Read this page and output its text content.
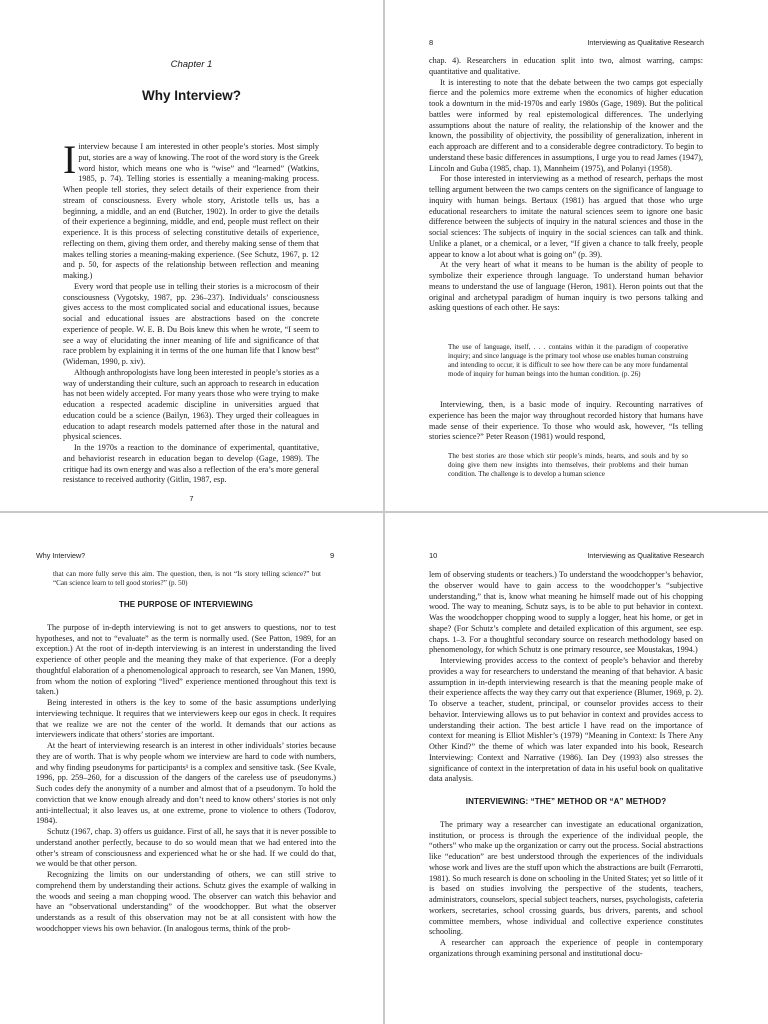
Chapter 1
Why Interview?

Iinterview because I am interested in other people’s stories. Most simply put, stories are a way of knowing. The root of the word story is the Greek word histor, which means one who is “wise” and “learned” (Watkins, 1985, p. 74). Telling stories is essentially a meaning-making process. When people tell stories, they select details of their experience from their stream of consciousness. Every whole story, Aristotle tells us, has a beginning, a middle, and an end (Butcher, 1902). In order to give the details of their experience a beginning, middle, and end, people must reflect on their experience. It is this process of selecting constitutive details of experience, reflecting on them, giving them order, and thereby making sense of them that makes telling stories a meaning-making experience. (See Schutz, 1967, p. 12 and p. 50, for aspects of the relationship between reflection and meaning making.)

Every word that people use in telling their stories is a microcosm of their consciousness (Vygotsky, 1987, pp. 236–237). Individuals’ consciousness gives access to the most complicated social and educational issues, because social and educational issues are abstractions based on the concrete experience of people. W. E. B. Du Bois knew this when he wrote, “I seem to see a way of elucidating the inner meaning of life and significance of that race problem by explaining it in terms of the one human life that I know best” (Wideman, 1990, p. xiv).

Although anthropologists have long been interested in people’s stories as a way of understanding their culture, such an approach to research in education has not been widely accepted. For many years those who were trying to make education a respected academic discipline in universities argued that education could be a science (Bailyn, 1963). They urged their colleagues in education to adapt research models patterned after those in the natural and physical sciences.

In the 1970s a reaction to the dominance of experimental, quantitative, and behaviorist research in education began to develop (Gage, 1989). The critique had its own energy and was also a reflection of the era’s more general resistance to received authority (Gitlin, 1987, esp.

7
8	Interviewing as Qualitative Research

chap. 4). Researchers in education split into two, almost warring, camps: quantitative and qualitative.

It is interesting to note that the debate between the two camps got especially fierce and the polemics more extreme when the economics of higher education took a downturn in the mid-1970s and early 1980s (Gage, 1989). But the political battles were informed by real epistemological differences. The underlying assumptions about the nature of reality, the relationship of the knower and the known, the possibility of objectivity, the possibility of generalization, inherent in each approach are different and to a considerable degree contradictory. To begin to understand these basic differences in assumptions, I urge you to read James (1947), Lincoln and Guba (1985, chap. 1), Mannheim (1975), and Polanyi (1958).

For those interested in interviewing as a method of research, perhaps the most telling argument between the two camps centers on the significance of language to inquiry with human beings. Bertaux (1981) has argued that those who urge educational researchers to imitate the natural sciences seem to ignore one basic difference between the subjects of inquiry in the natural sciences and those in the social sciences: The subjects of inquiry in the social sciences can talk and think. Unlike a planet, or a chemical, or a lever, “If given a chance to talk freely, people appear to know a lot about what is going on” (p. 39).

At the very heart of what it means to be human is the ability of people to symbolize their experience through language. To understand human behavior means to understand the use of language (Heron, 1981). Heron points out that the original and archetypal paradigm of human inquiry is two persons talking and asking questions of each other. He says:

The use of language, itself, . . . contains within it the paradigm of cooperative inquiry; and since language is the primary tool whose use enables human construing and intending to occur, it is difficult to see how there can be any more fundamental mode of inquiry for human beings into the human condition. (p. 26)

Interviewing, then, is a basic mode of inquiry. Recounting narratives of experience has been the major way throughout recorded history that humans have made sense of their experience. To those who would ask, however, “Is telling stories science?” Peter Reason (1981) would respond,

The best stories are those which stir people’s minds, hearts, and souls and by so doing give them new insights into themselves, their problems and their human condition. The challenge is to develop a human science
Why Interview?	9
that can more fully serve this aim. The question, then, is not “Is story telling science?” but “Can science learn to tell good stories?” (p. 50)
THE PURPOSE OF INTERVIEWING

The purpose of in-depth interviewing is not to get answers to questions, nor to test hypotheses, and not to “evaluate” as the term is normally used. (See Patton, 1989, for an exception.) At the root of in-depth interviewing is an interest in understanding the lived experience of other people and the meaning they make of that experience. (For a deeply thoughtful elaboration of a phenomenological approach to research, see Van Manen, 1990, from whom the notion of exploring “lived” experience mentioned throughout this text is taken.)

Being interested in others is the key to some of the basic assumptions underlying interviewing technique. It requires that we interviewers keep our egos in check. It requires that we realize we are not the center of the world. It demands that our actions as interviewers indicate that others’ stories are important.

At the heart of interviewing research is an interest in other individuals’ stories because they are of worth. That is why people whom we interview are hard to code with numbers, and why finding pseudonyms for participants¹ is a complex and sensitive task. (See Kvale, 1996, pp. 259–260, for a discussion of the dangers of the careless use of pseudonyms.) Such codes defy the anonymity of a number and almost that of a pseudonym. To hold the conviction that we know enough already and don’t need to know others’ stories is not only anti-intellectual; it also leaves us, at one extreme, prone to violence to others (Todorov, 1984).

Schutz (1967, chap. 3) offers us guidance. First of all, he says that it is never possible to understand another perfectly, because to do so would mean that we had entered into the other’s stream of consciousness and experienced what he or she had. If we could do that, we would be that other person.

Recognizing the limits on our understanding of others, we can still strive to comprehend them by understanding their actions. Schutz gives the example of walking in the woods and seeing a man chopping wood. The observer can watch this behavior and have an “observational understanding” of the woodchopper. But what the observer understands as a result of this observation may not be at all consistent with how the woodchopper views his own behavior. (In analogous terms, think of the prob-

10	Interviewing as Qualitative Research

lem of observing students or teachers.) To understand the woodchopper’s behavior, the observer would have to gain access to the woodchopper’s “subjective understanding,” that is, know what meaning he himself made out of his chopping wood. The way to meaning, Schutz says, is to be able to put behavior in context. Was the woodchopper chopping wood to supply a logger, heat his home, or get in shape? (For Schutz’s complete and detailed explication of this argument, see esp. chaps. 1–3. For a thoughtful secondary source on research methodology based on phenomenology, for which Schutz is one primary resource, see Moustakas, 1994.)

Interviewing provides access to the context of people’s behavior and thereby provides a way for researchers to understand the meaning of that behavior. A basic assumption in in-depth interviewing research is that the meaning people make of their experience affects the way they carry out that experience (Blumer, 1969, p. 2). To observe a teacher, student, principal, or counselor provides access to their behavior. Interviewing allows us to put behavior in context and provides access to understanding their action. The best article I have read on the importance of context for meaning is Elliot Mishler’s (1979) “Meaning in Context: Is There Any Other Kind?” the theme of which was later expanded into his book, Research Interviewing: Context and Narrative (1986). Ian Dey (1993) also stresses the significance of context in the interpretation of data in his useful book on qualitative data analysis.

INTERVIEWING: “THE” METHOD OR “A” METHOD?

The primary way a researcher can investigate an educational organization, institution, or process is through the experience of the individual people, the “others” who make up the organization or carry out the process. Social abstractions like “education” are best understood through the experiences of the individuals whose work and lives are the stuff upon which the abstractions are built (Ferrarotti, 1981). So much research is done on schooling in the United States; yet so little of it is based on studies involving the perspective of the students, teachers, administrators, counselors, special subject teachers, nurses, psychologists, cafeteria workers, secretaries, school crossing guards, bus drivers, parents, and school committee members, whose individual and collective experience constitutes schooling.

A researcher can approach the experience of people in contemporary organizations through examining personal and institutional docu-
